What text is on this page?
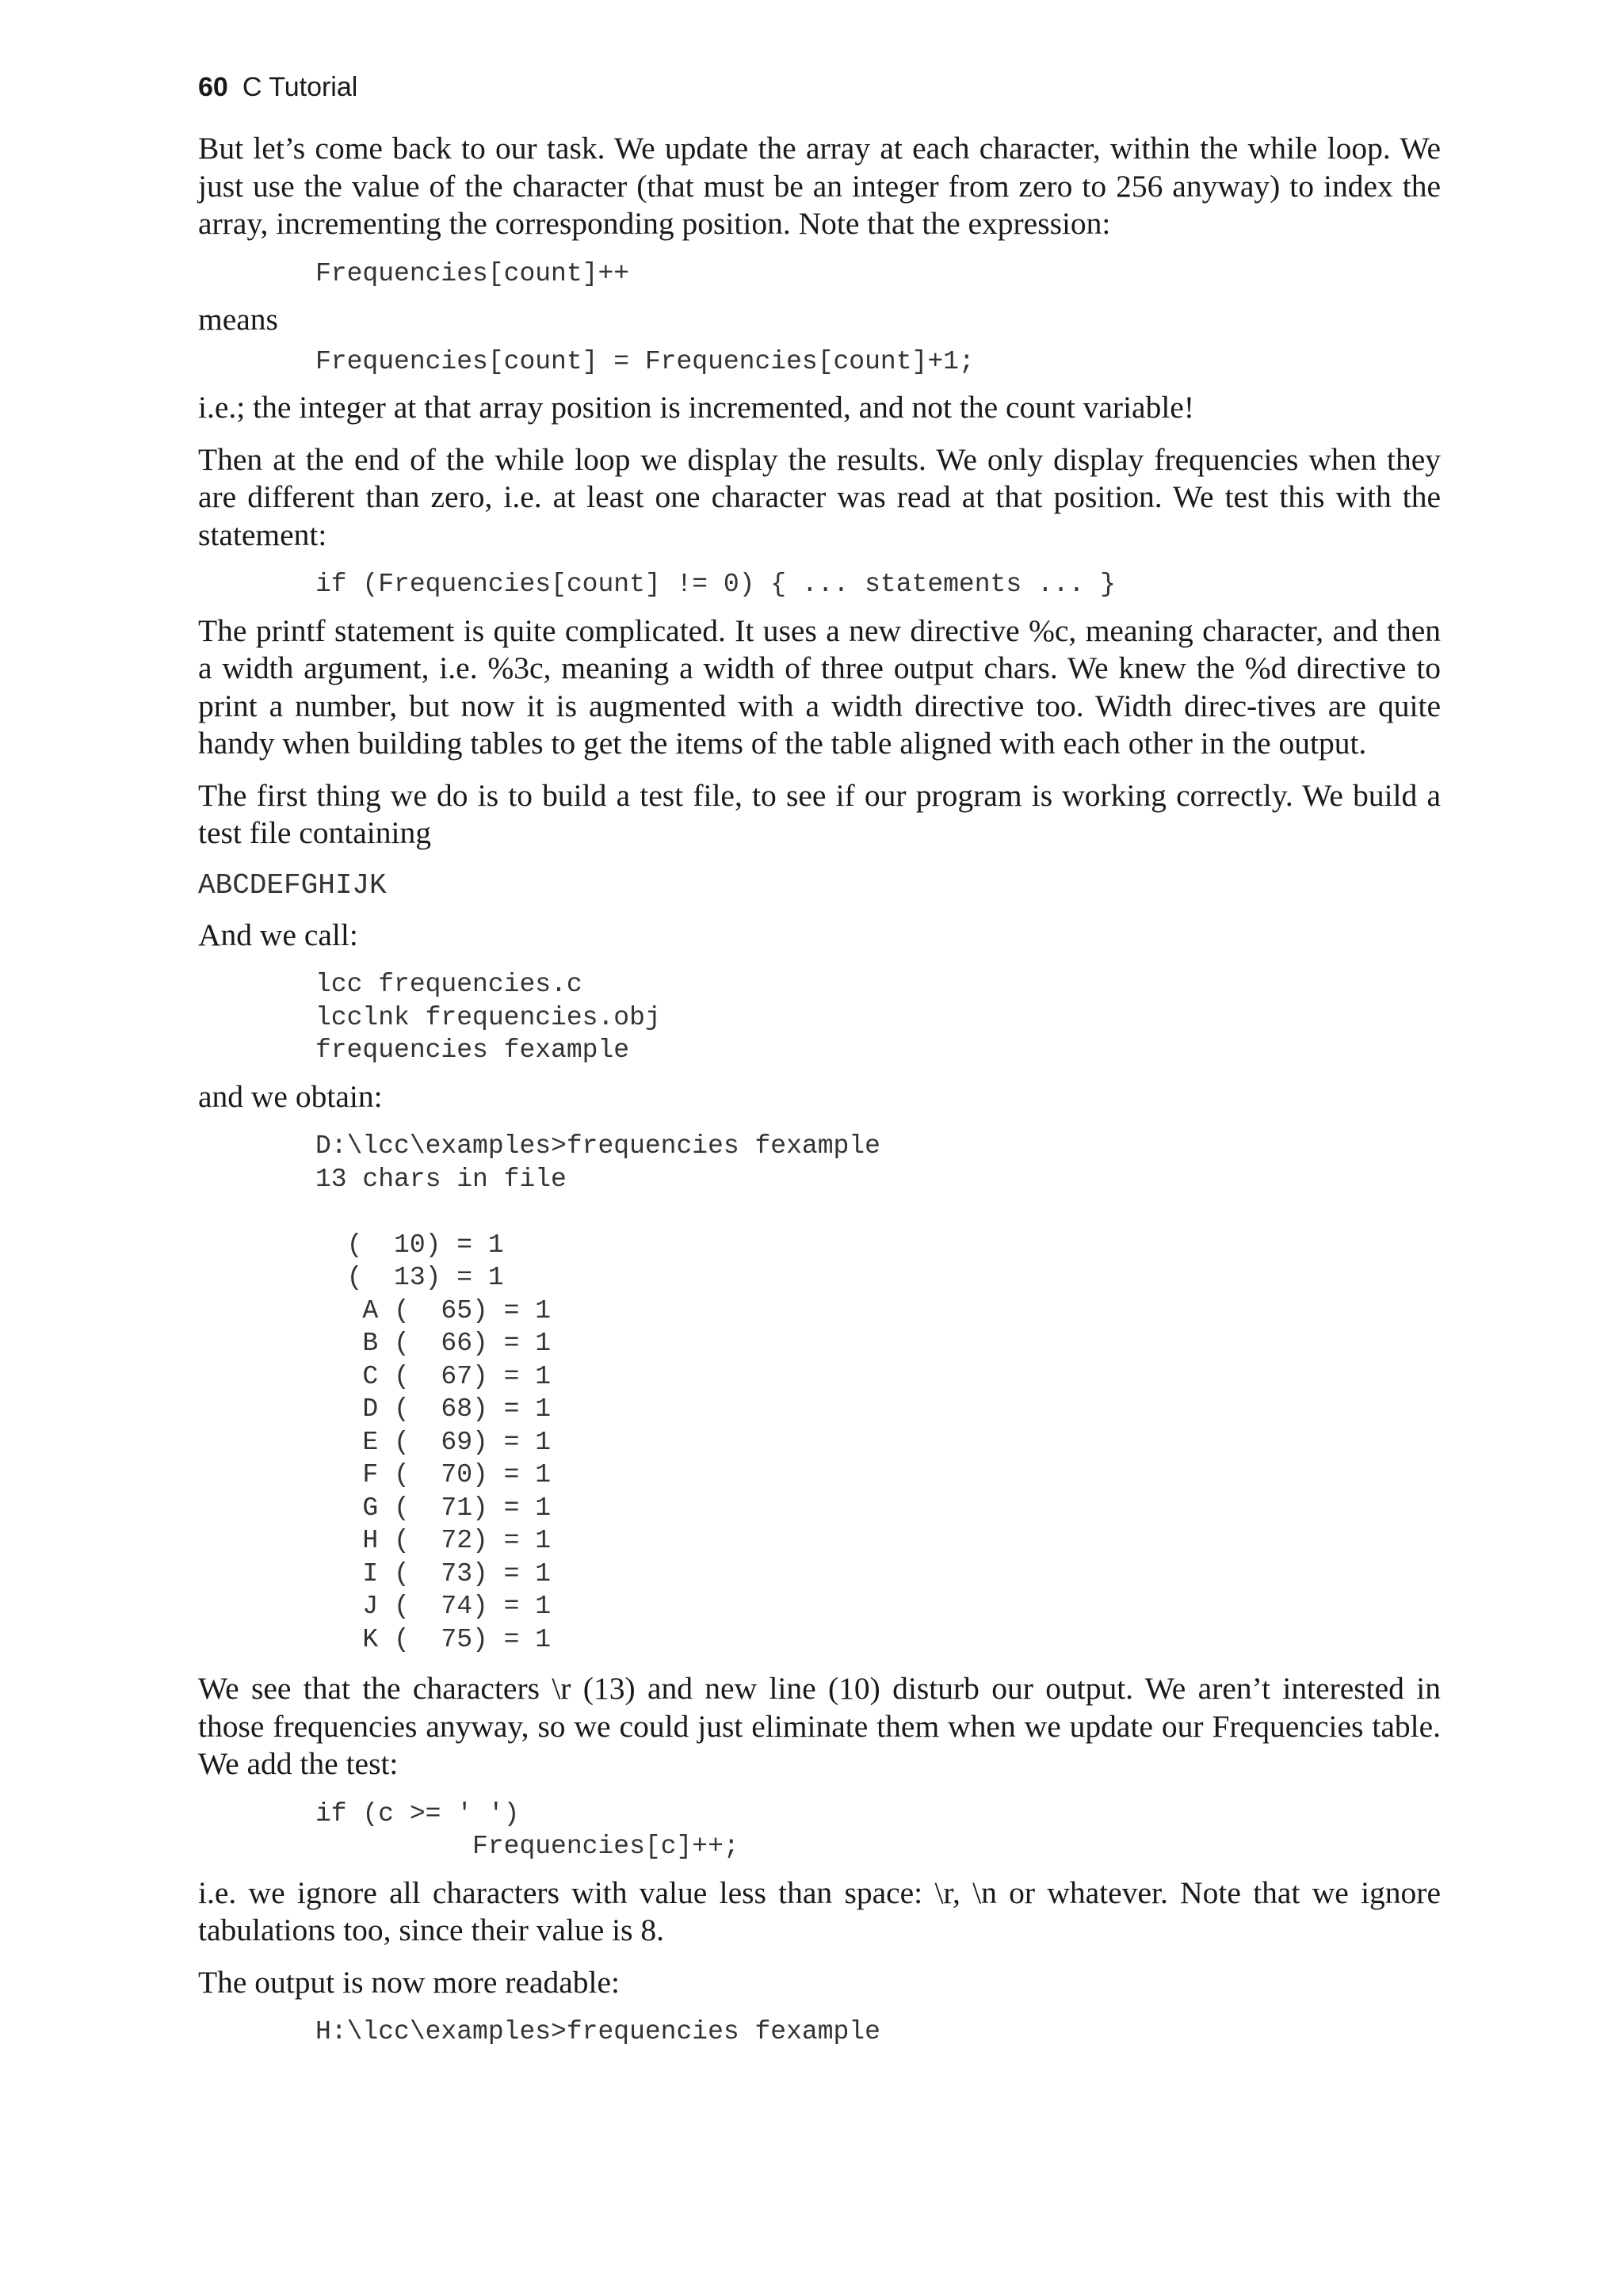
60 C Tutorial

But let’s come back to our task. We update the array at each character, within the while loop. We just use the value of the character (that must be an integer from zero to 256 anyway) to index the array, incrementing the corresponding position. Note that the expression:

Frequencies[count]++

means

Frequencies[count] = Frequencies[count]+1;

i.e.; the integer at that array position is incremented, and not the count variable!

Then at the end of the while loop we display the results. We only display frequencies when they are different than zero, i.e. at least one character was read at that position. We test this with the statement:

if (Frequencies[count] != 0) { ... statements ... }

The printf statement is quite complicated. It uses a new directive %c, meaning character, and then a width argument, i.e. %3c, meaning a width of three output chars. We knew the %d directive to print a number, but now it is augmented with a width directive too. Width direc-tives are quite handy when building tables to get the items of the table aligned with each other in the output.

The first thing we do is to build a test file, to see if our program is working correctly. We build a test file containing

ABCDEFGHIJK

And we call:

lcc frequencies.c
lcclnk frequencies.obj
frequencies fexample

and we obtain:

D:\lcc\examples>frequencies fexample
13 chars in file

(  10) = 1
(  13) = 1
A (  65) = 1
B (  66) = 1
C (  67) = 1
D (  68) = 1
E (  69) = 1
F (  70) = 1
G (  71) = 1
H (  72) = 1
I (  73) = 1
J (  74) = 1
K (  75) = 1

We see that the characters \r (13) and new line (10) disturb our output. We aren’t interested in those frequencies anyway, so we could just eliminate them when we update our Frequencies table. We add the test:

if (c >= ' ')
Frequencies[c]++;

i.e. we ignore all characters with value less than space: \r, \n or whatever. Note that we ignore tabulations too, since their value is 8.

The output is now more readable:

H:\lcc\examples>frequencies fexample
